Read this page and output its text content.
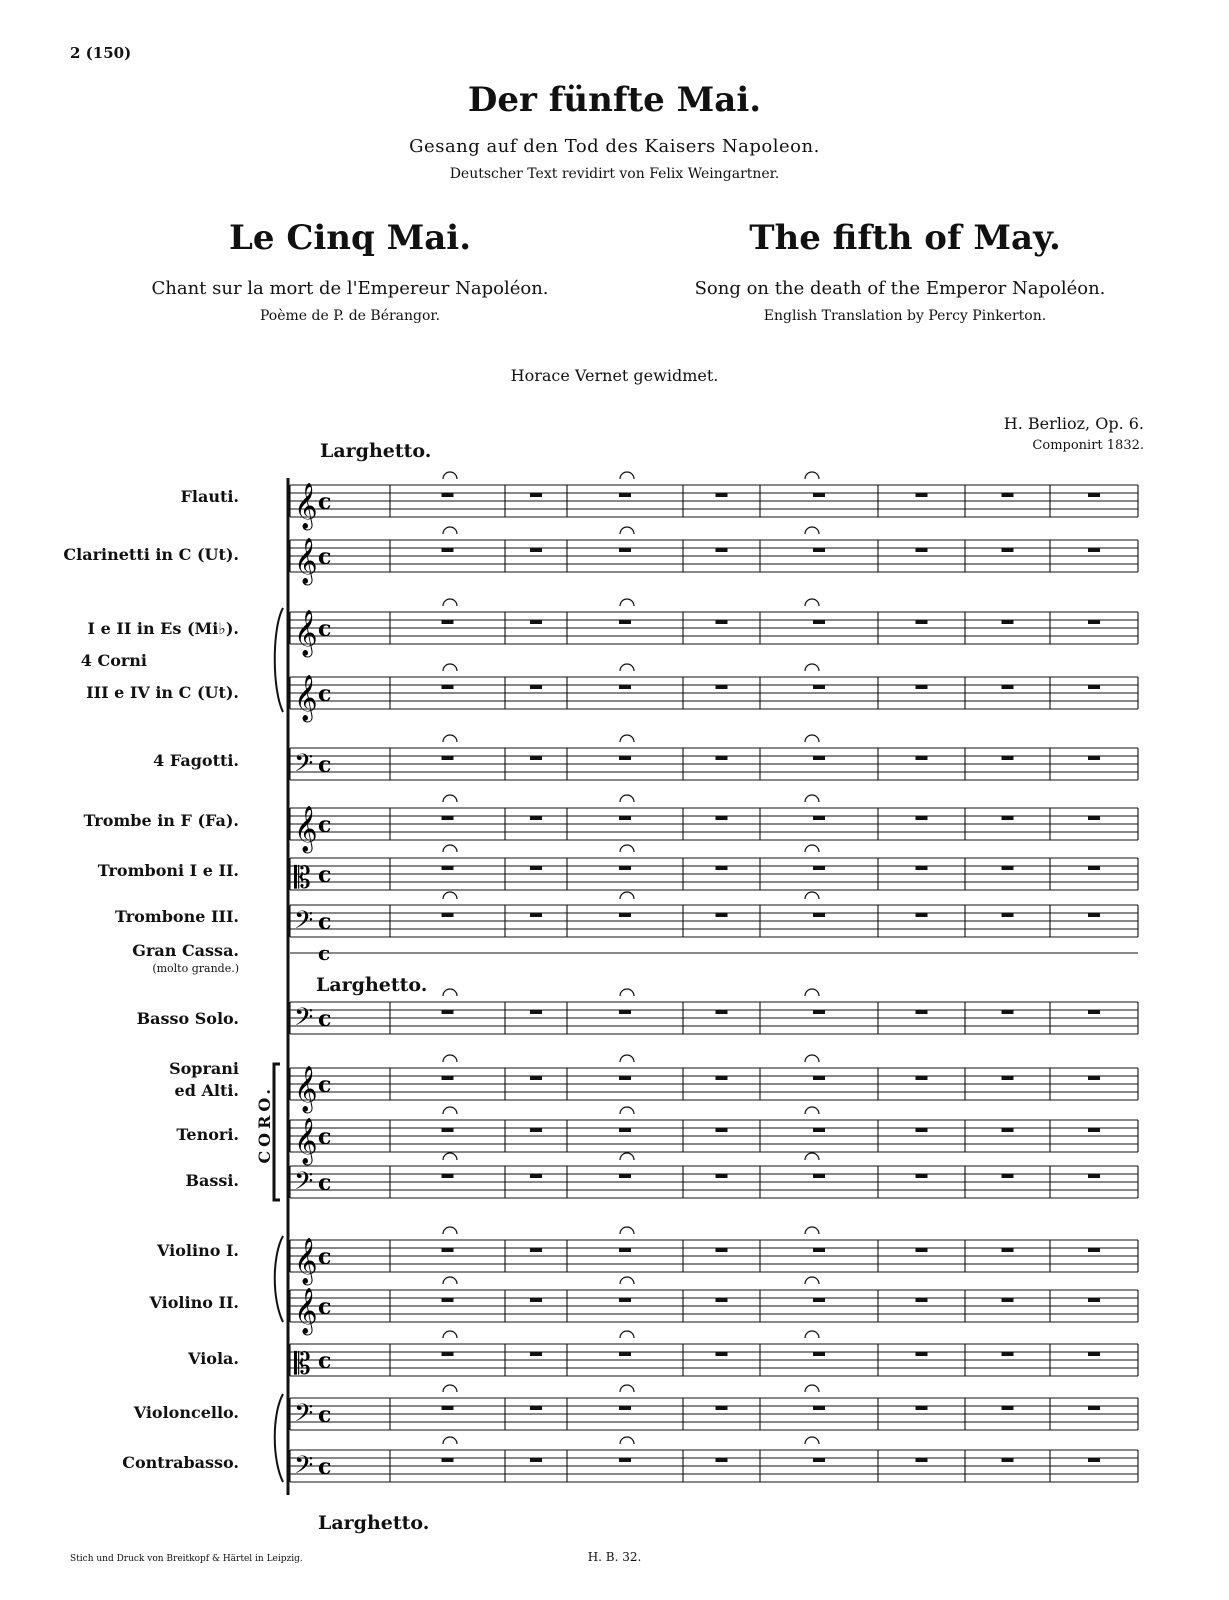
2 (150)
Der fünfte Mai.
Gesang auf den Tod des Kaisers Napoleon.
Deutscher Text revidirt von Felix Weingartner.
Le Cinq Mai.
Chant sur la mort de l'Empereur Napoléon.
Poème de P. de Bérangor.
The fifth of May.
Song on the death of the Emperor Napoléon.
English Translation by Percy Pinkerton.
Horace Vernet gewidmet.
H. Berlioz, Op. 6.
Componirt 1832.
Larghetto.
Larghetto.
Larghetto.
Flauti.
Clarinetti in C (Ut).
I e II in Es (Mi♭).
4 Corni
III e IV in C (Ut).
4 Fagotti.
Trombe in F (Fa).
Tromboni I e II.
Trombone III.
Gran Cassa.
(molto grande.)
Basso Solo.
Soprani
ed Alti.
Tenori.
Bassi.
CORO.
Violino I.
Violino II.
Viola.
Violoncello.
Contrabasso.
Stich und Druck von Breitkopf & Härtel in Leipzig.	H. B. 32.
𝄞 c
𝄞 c
𝄞 c
𝄞 c
𝄢 c
𝄞 c
𝄡 c
𝄢 c
c
𝄢 c
𝄞 c
𝄞 c
𝄢 c
𝄞 c
𝄞 c
𝄡 c
𝄢 c
𝄢 c
